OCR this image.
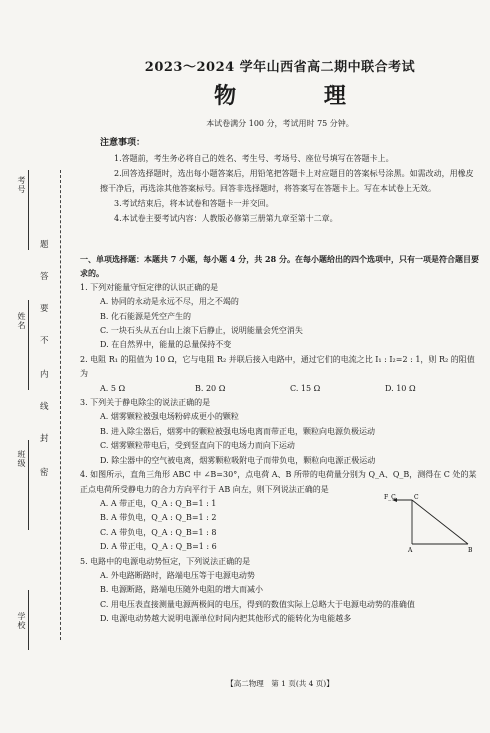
考号
姓名
班级
学校
题
答
要
不
内
线
封
密
2023～2024 学年山西省高二期中联合考试
物 理
本试卷满分 100 分，考试用时 75 分钟。

注意事项：

1.答题前，考生务必将自己的姓名、考生号、考场号、座位号填写在答题卡上。

2.回答选择题时，选出每小题答案后，用铅笔把答题卡上对应题目的答案标号涂黑。如需改动，用橡皮擦干净后，再选涂其他答案标号。回答非选择题时，将答案写在答题卡上。写在本试卷上无效。

3.考试结束后，将本试卷和答题卡一并交回。

4.本试卷主要考试内容：人教版必修第三册第九章至第十二章。

一、单项选择题：本题共 7 小题，每小题 4 分，共 28 分。在每小题给出的四个选项中，只有一项是符合题目要求的。

1. 下列对能量守恒定律的认识正确的是

A. 协同的永动是永远不尽，用之不竭的

B. 化石能源是凭空产生的

C. 一块石头从五台山上滚下后静止，说明能量会凭空消失

D. 在自然界中，能量的总量保持不变

2. 电阻 R₁ 的阻值为 10 Ω，它与电阻 R₂ 并联后接入电路中，通过它们的电流之比 I₁ : I₂=2 : 1，则 R₂ 的阻值为

A. 5 Ω	B. 20 Ω	C. 15 Ω	D. 10 Ω

3. 下列关于静电除尘的说法正确的是

A. 烟雾颗粒被强电场粉碎成更小的颗粒

B. 进入除尘器后，烟雾中的颗粒被强电场电离而带正电，颗粒向电源负极运动

C. 烟雾颗粒带电后，受到竖直向下的电场力而向下运动

D. 除尘器中的空气被电离，烟雾颗粒吸附电子而带负电，颗粒向电源正极运动

4. 如图所示，直角三角形 ABC 中 ∠B=30°，点电荷 A、B 所带的电荷量分别为 Q_A、Q_B，测得在 C 处的某正点电荷所受静电力的合力方向平行于 AB 向左，则下列说法正确的是

A. A 带正电，Q_A : Q_B=1 : 1

B. A 带负电，Q_A : Q_B=1 : 2

C. A 带负电，Q_A : Q_B=1 : 8

D. A 带正电，Q_A : Q_B=1 : 6

F_C	C
A	B

5. 电路中的电源电动势恒定，下列说法正确的是

A. 外电路断路时，路端电压等于电源电动势

B. 电源断路，路端电压随外电阻的增大而减小

C. 用电压表直接测量电源两极间的电压，得到的数值实际上总略大于电源电动势的准确值

D. 电源电动势越大说明电源单位时间内把其他形式的能转化为电能越多

【高二物理　第 1 页(共 4 页)】
